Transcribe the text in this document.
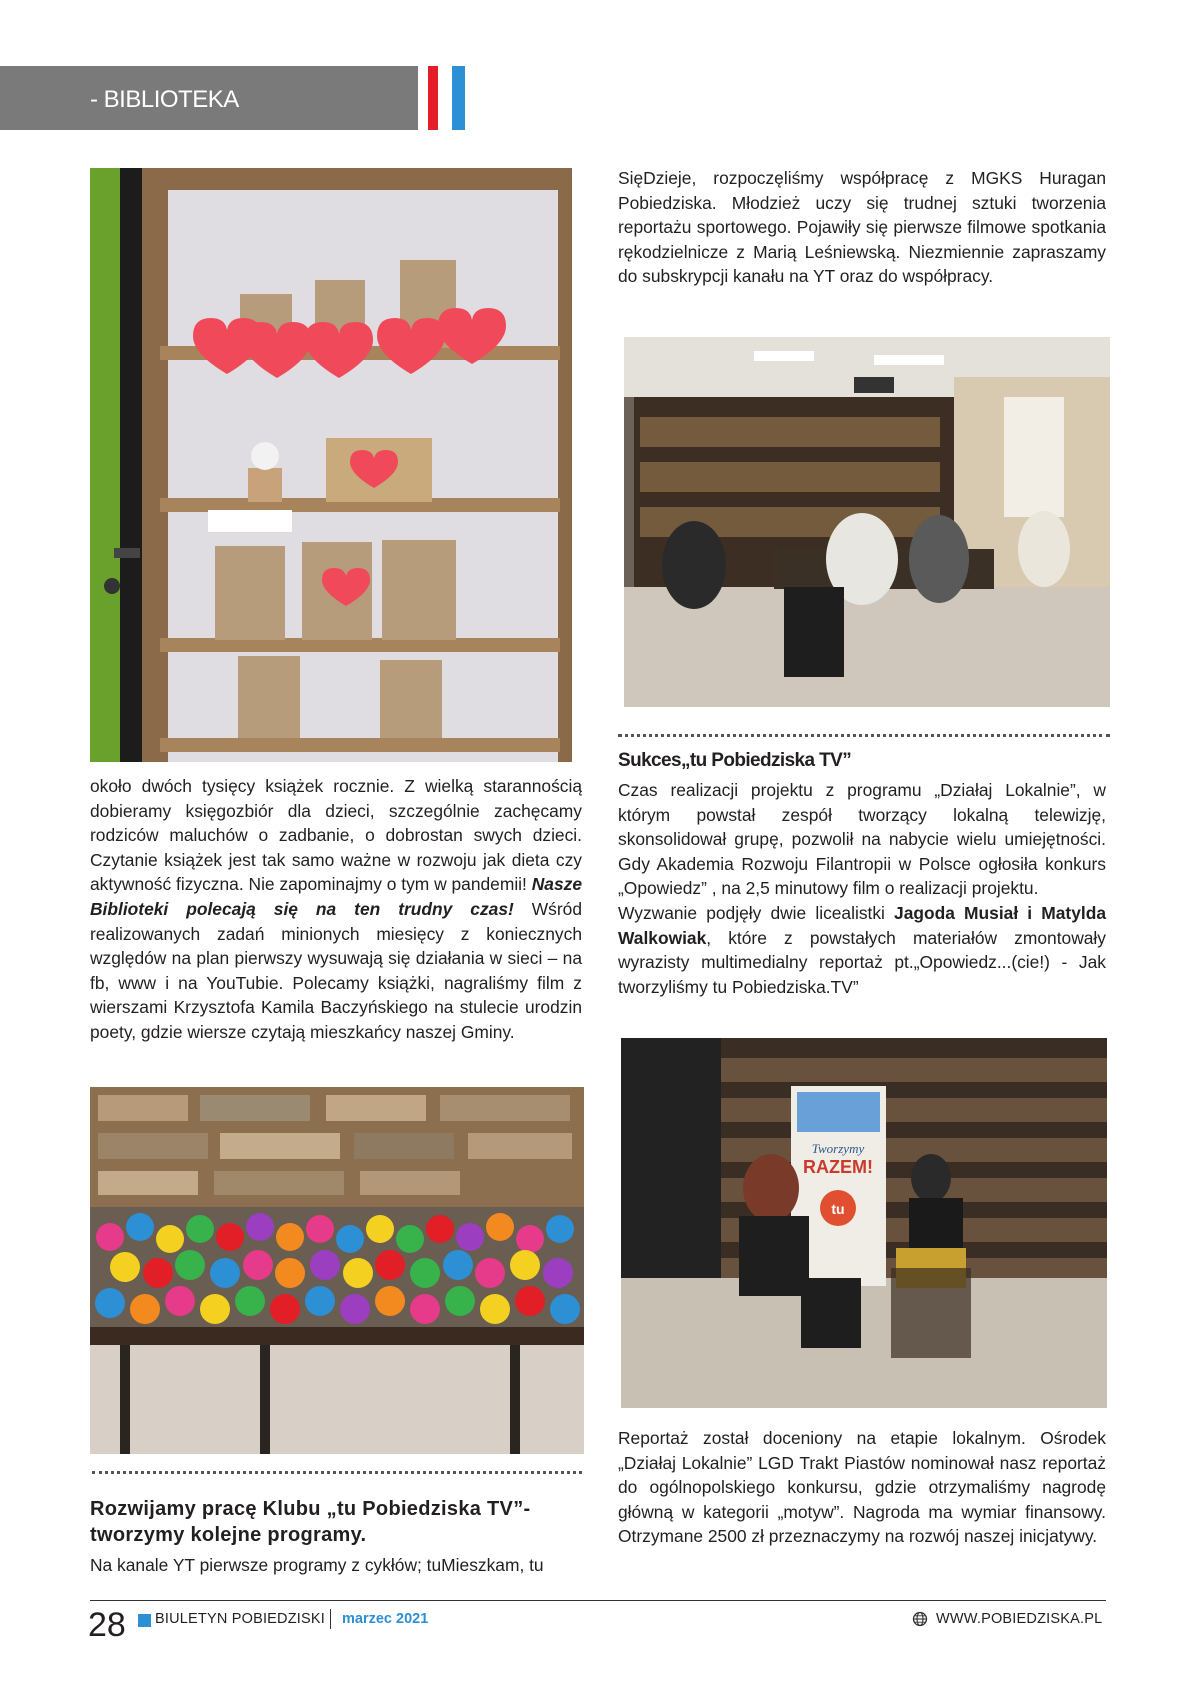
- BIBLIOTEKA
SięDzieje, rozpoczęliśmy współpracę z MGKS Huragan Pobiedziska. Młodzież uczy się trudnej sztuki tworzenia reportażu sportowego. Pojawiły się pierwsze filmowe spotkania rękodzielnicze z Marią Leśniewską. Niezmiennie zapraszamy do subskrypcji kanału na YT oraz do współpracy.
Sukces„tu Pobiedziska TV”

Czas realizacji projektu z programu „Działaj Lokalnie”, w którym powstał zespół tworzący lokalną telewizję, skonsolidował grupę, pozwolił na nabycie wielu umiejętności. Gdy Akademia Rozwoju Filantropii w Polsce ogłosiła konkurs „Opowiedz” , na 2,5 minutowy film o realizacji projektu.

Wyzwanie podjęły dwie licealistki Jagoda Musiał i Matylda Walkowiak, które z powstałych materiałów zmontowały wyrazisty multimedialny reportaż pt.„Opowiedz...(cie!) - Jak tworzyliśmy tu Pobiedziska.TV”

około dwóch tysięcy książek rocznie. Z wielką starannością dobieramy księgozbiór dla dzieci, szczególnie zachęcamy rodziców maluchów o zadbanie, o dobrostan swych dzieci. Czytanie książek jest tak samo ważne w rozwoju jak dieta czy aktywność fizyczna. Nie zapominajmy o tym w pandemii! Nasze Biblioteki polecają się na ten trudny czas! Wśród realizowanych zadań minionych miesięcy z koniecznych względów na plan pierwszy wysuwają się działania w sieci – na fb, www i na YouTubie. Polecamy książki, nagraliśmy film z wierszami Krzysztofa Kamila Baczyńskiego na stulecie urodzin poety, gdzie wiersze czytają mieszkańcy naszej Gminy.
Rozwijamy pracę Klubu „tu Pobiedziska TV”- tworzymy kolejne programy.
Na kanale YT pierwsze programy z cykłów; tuMieszkam, tu
Tworzymy
RAZEM!
tu
Reportaż został doceniony na etapie lokalnym. Ośrodek „Działaj Lokalnie” LGD Trakt Piastów nominował nasz reportaż do ogólnopolskiego konkursu, gdzie otrzymaliśmy nagrodę główną w kategorii „motyw”. Nagroda ma wymiar finansowy. Otrzymane 2500 zł przeznaczymy na rozwój naszej inicjatywy.
28 BIULETYN POBIEDZISKI marzec 2021	WWW.POBIEDZISKA.PL
